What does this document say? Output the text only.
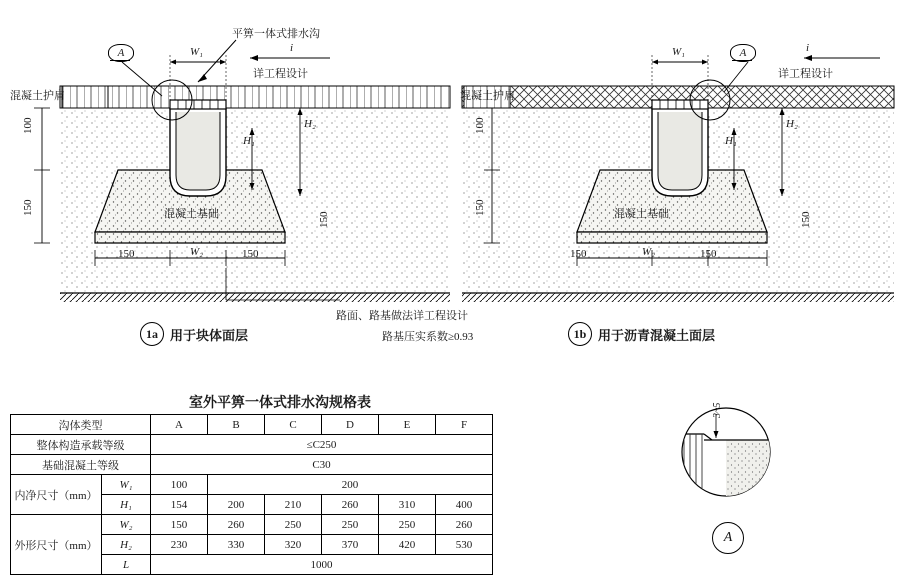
平箅一体式排水沟
混凝土护肩
详工程设计
i
A	W₁
H₁
H₂
100
150
150
混凝土基础
150	W₂	150
路面、路基做法详工程设计
路基压实系数≥0.93
1a 用于块体面层
混凝土护肩
详工程设计
i
A
W₁
H₁
H₂
100
150
150
混凝土基础
150	W₂	150
1b 用于沥青混凝土面层
室外平箅一体式排水沟规格表
沟体类型		A	B	C	D	E	F
整体构造承载等级		≤C250					
基础混凝土等级		C30					
内净尺寸（mm）	W₁	100	200				
	H₁	154	200	210	260	310	400
外形尺寸（mm）	W₂	150	260	250	250	250	260
	H₂	230	330	320	370	420	530
	L	1000					
3~5
A
